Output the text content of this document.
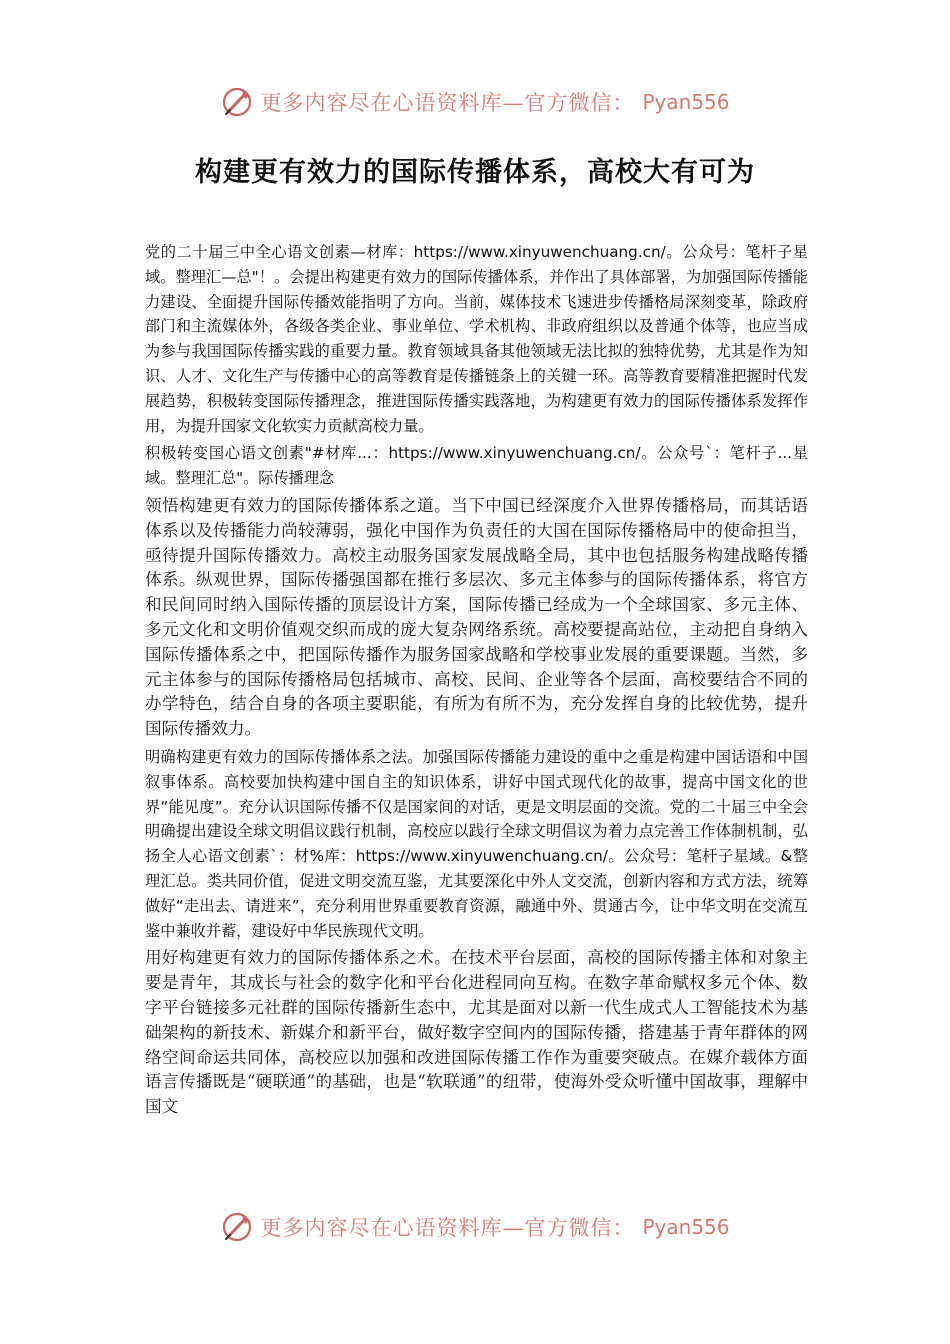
更多内容尽在心语资料库—官方微信： Pyan556
构建更有效力的国际传播体系，高校大有可为

党的二十届三中全心语文创素—材库：https://www.xinyuwenchuang.cn/。公众号：笔杆子星域。整理汇—总"！。会提出构建更有效力的国际传播体系，并作出了具体部署，为加强国际传播能力建设、全面提升国际传播效能指明了方向。当前，媒体技术飞速进步传播格局深刻变革，除政府部门和主流媒体外，各级各类企业、事业单位、学术机构、非政府组织以及普通个体等，也应当成为参与我国国际传播实践的重要力量。教育领域具备其他领域无法比拟的独特优势，尤其是作为知识、人才、文化生产与传播中心的高等教育是传播链条上的关键一环。高等教育要精准把握时代发展趋势，积极转变国际传播理念，推进国际传播实践落地，为构建更有效力的国际传播体系发挥作用，为提升国家文化软实力贡献高校力量。

积极转变国心语文创素"#材库...：https://www.xinyuwenchuang.cn/。公众号`：笔杆子...星域。整理汇总"。际传播理念

领悟构建更有效力的国际传播体系之道。当下中国已经深度介入世界传播格局，而其话语体系以及传播能力尚较薄弱，强化中国作为负责任的大国在国际传播格局中的使命担当，亟待提升国际传播效力。高校主动服务国家发展战略全局，其中也包括服务构建战略传播体系。纵观世界，国际传播强国都在推行多层次、多元主体参与的国际传播体系，将官方和民间同时纳入国际传播的顶层设计方案，国际传播已经成为一个全球国家、多元主体、多元文化和文明价值观交织而成的庞大复杂网络系统。高校要提高站位，主动把自身纳入国际传播体系之中，把国际传播作为服务国家战略和学校事业发展的重要课题。当然，多元主体参与的国际传播格局包括城市、高校、民间、企业等各个层面，高校要结合不同的办学特色，结合自身的各项主要职能，有所为有所不为，充分发挥自身的比较优势，提升国际传播效力。

明确构建更有效力的国际传播体系之法。加强国际传播能力建设的重中之重是构建中国话语和中国叙事体系。高校要加快构建中国自主的知识体系，讲好中国式现代化的故事，提高中国文化的世界“能见度”。充分认识国际传播不仅是国家间的对话，更是文明层面的交流。党的二十届三中全会明确提出建设全球文明倡议践行机制，高校应以践行全球文明倡议为着力点完善工作体制机制，弘扬全人心语文创素`：材%库：https://www.xinyuwenchuang.cn/。公众号：笔杆子星域。&整理汇总。类共同价值，促进文明交流互鉴，尤其要深化中外人文交流，创新内容和方式方法，统筹做好“走出去、请进来”，充分利用世界重要教育资源，融通中外、贯通古今，让中华文明在交流互鉴中兼收并蓄，建设好中华民族现代文明。

用好构建更有效力的国际传播体系之术。在技术平台层面，高校的国际传播主体和对象主要是青年，其成长与社会的数字化和平台化进程同向互构。在数字革命赋权多元个体、数字平台链接多元社群的国际传播新生态中，尤其是面对以新一代生成式人工智能技术为基础架构的新技术、新媒介和新平台，做好数字空间内的国际传播，搭建基于青年群体的网络空间命运共同体，高校应以加强和改进国际传播工作作为重要突破点。在媒介载体方面语言传播既是“硬联通”的基础，也是“软联通”的纽带，使海外受众听懂中国故事，理解中国文

更多内容尽在心语资料库—官方微信： Pyan556
